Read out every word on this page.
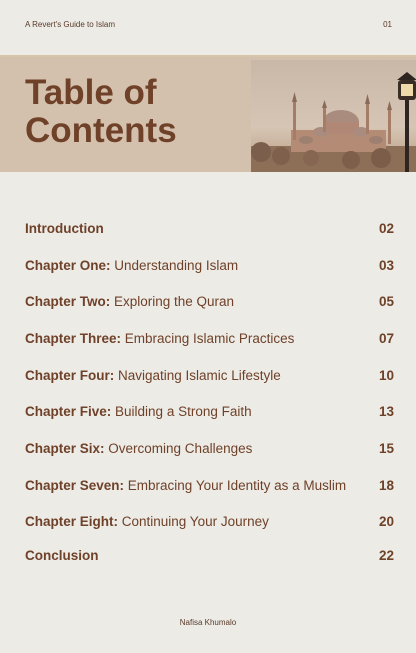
A Revert's Guide to Islam	01
Table of
Contents
Introduction	02
Chapter One: Understanding Islam	03
Chapter Two: Exploring the Quran	05
Chapter Three: Embracing Islamic Practices	07
Chapter Four: Navigating Islamic Lifestyle	10
Chapter Five: Building a Strong Faith	13
Chapter Six: Overcoming Challenges	15
Chapter Seven: Embracing Your Identity as a Muslim 18
Chapter Eight: Continuing Your Journey	20
Conclusion	22
Nafisa Khumalo
